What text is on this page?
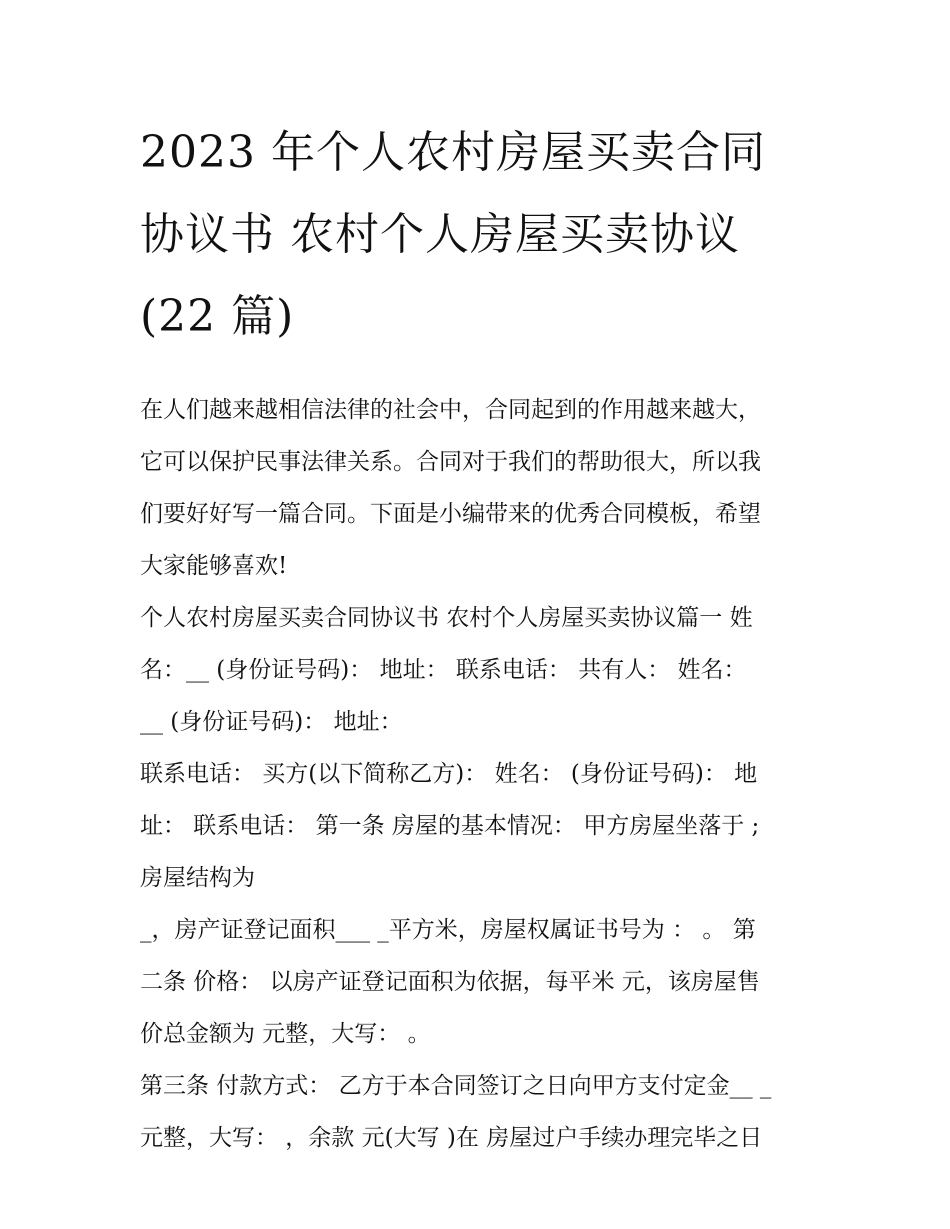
2023 年个人农村房屋买卖合同
协议书 农村个人房屋买卖协议
(22 篇)
在人们越来越相信法律的社会中，合同起到的作用越来越大，
它可以保护民事法律关系。合同对于我们的帮助很大，所以我
们要好好写一篇合同。下面是小编带来的优秀合同模板，希望
大家能够喜欢!
个人农村房屋买卖合同协议书 农村个人房屋买卖协议篇一 姓
名：__ (身份证号码)： 地址： 联系电话： 共有人： 姓名：
__ (身份证号码)： 地址：
联系电话： 买方(以下简称乙方)： 姓名： (身份证号码)： 地
址： 联系电话： 第一条 房屋的基本情况： 甲方房屋坐落于 ;
房屋结构为
_，房产证登记面积___ _平方米，房屋权属证书号为 ： 。 第
二条 价格： 以房产证登记面积为依据，每平米 元，该房屋售
价总金额为 元整，大写： 。
第三条 付款方式： 乙方于本合同签订之日向甲方支付定金__ _
元整，大写： ，余款 元(大写 )在 房屋过户手续办理完毕之日
